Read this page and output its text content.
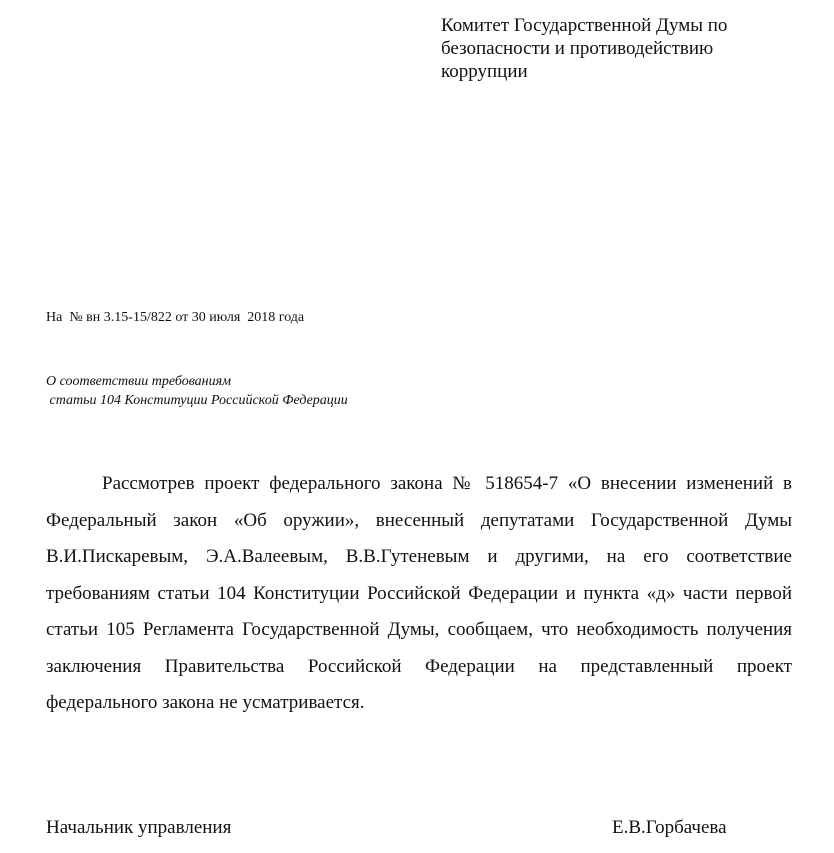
Комитет Государственной Думы по
безопасности и противодействию
коррупции
На  № вн 3.15-15/822 от 30 июля  2018 года
О соответствии требованиям
статьи 104 Конституции Российской Федерации

Рассмотрев проект федерального закона № 518654-7 «О внесении изменений в Федеральный закон «Об оружии», внесенный депутатами Государственной Думы В.И.Пискаревым, Э.А.Валеевым, В.В.Гутеневым и другими, на его соответствие требованиям статьи 104 Конституции Российской Федерации и пункта «д» части первой статьи 105 Регламента Государственной Думы, сообщаем, что необходимость получения заключения Правительства Российской Федерации на представленный проект федерального закона не усматривается.

Начальник управления	Е.В.Горбачева
